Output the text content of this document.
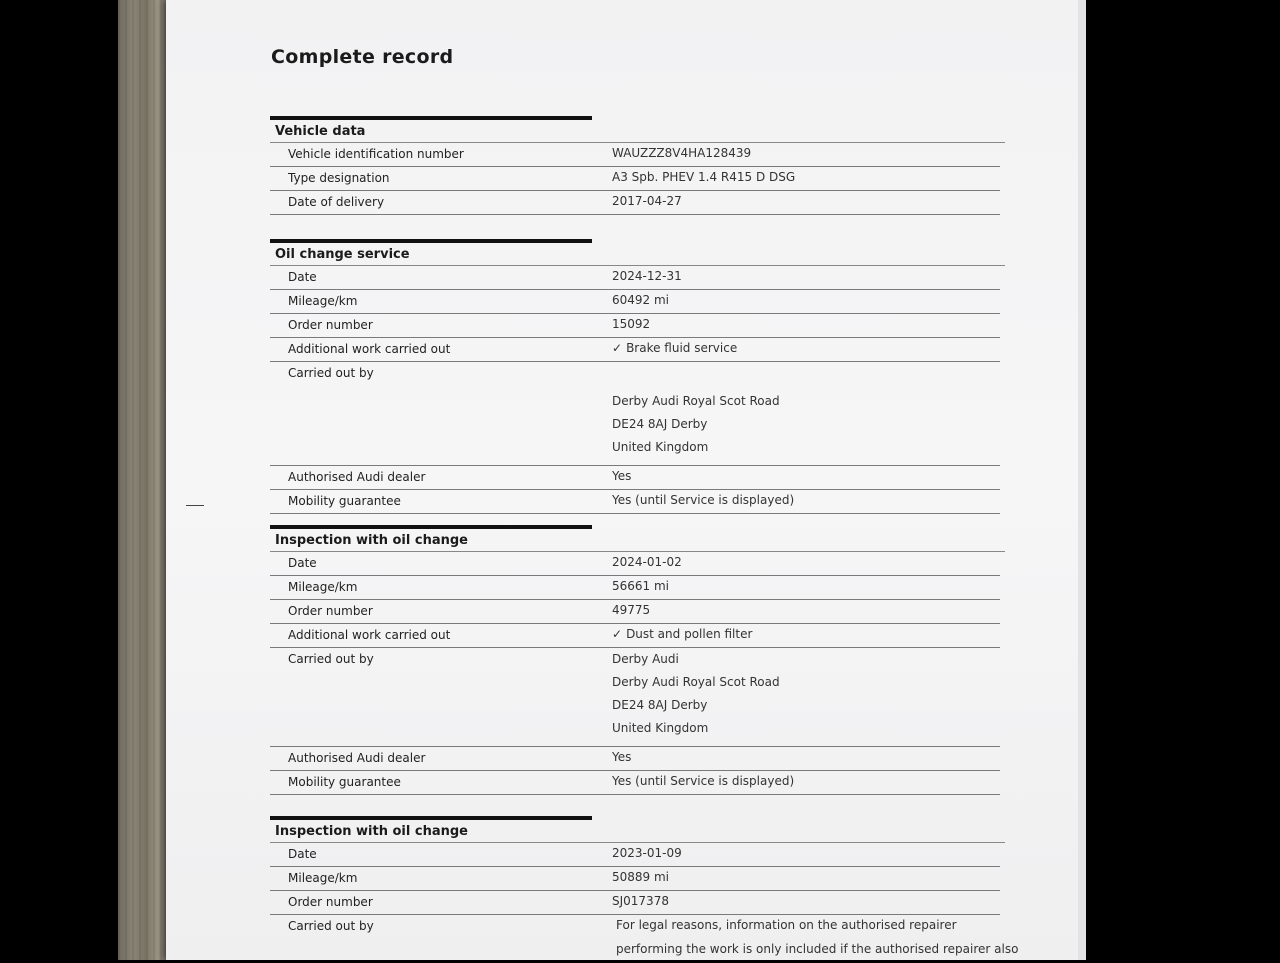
Complete record
Vehicle data
Vehicle identification number	WAUZZZ8V4HA128439
Type designation	A3 Spb. PHEV 1.4 R415 D DSG
Date of delivery	2017-04-27
Oil change service
Date	2024-12-31
Mileage/km	60492 mi
Order number	15092
Additional work carried out	✓ Brake fluid service
Carried out by
Derby Audi Royal Scot Road
DE24 8AJ Derby
United Kingdom
Authorised Audi dealer	Yes
Mobility guarantee	Yes (until Service is displayed)
Inspection with oil change
Date	2024-01-02
Mileage/km	56661 mi
Order number	49775
Additional work carried out	✓ Dust and pollen filter
Carried out by	Derby Audi
Derby Audi Royal Scot Road
DE24 8AJ Derby
United Kingdom
Authorised Audi dealer	Yes
Mobility guarantee	Yes (until Service is displayed)
Inspection with oil change
Date	2023-01-09
Mileage/km	50889 mi
Order number	SJ017378
Carried out by	For legal reasons, information on the authorised repairer
performing the work is only included if the authorised repairer also
